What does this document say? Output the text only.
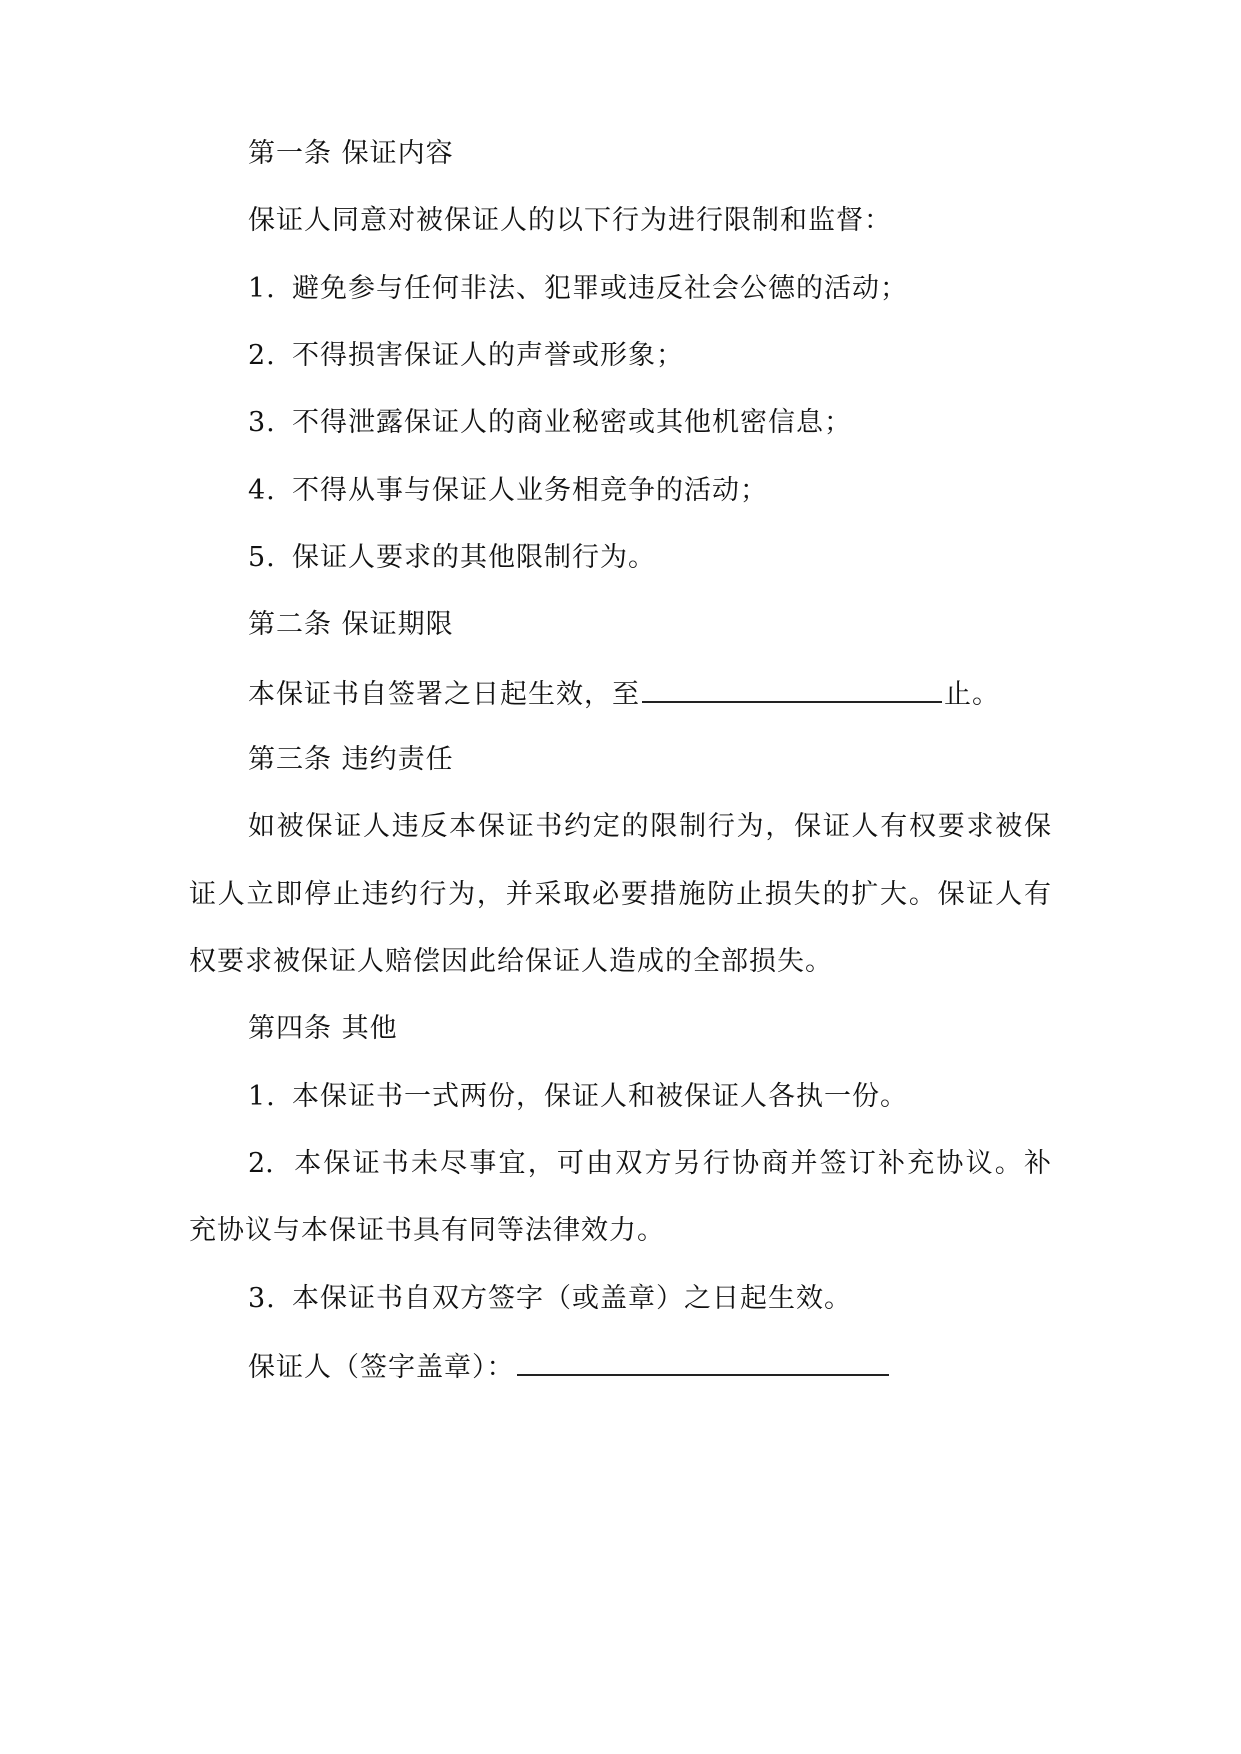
第一条 保证内容
保证人同意对被保证人的以下行为进行限制和监督：
1. 避免参与任何非法、犯罪或违反社会公德的活动；
2. 不得损害保证人的声誉或形象；
3. 不得泄露保证人的商业秘密或其他机密信息；
4. 不得从事与保证人业务相竞争的活动；
5. 保证人要求的其他限制行为。
第二条 保证期限
本保证书自签署之日起生效，至	止。
第三条 违约责任
如被保证人违反本保证书约定的限制行为，保证人有权要求被保
证人立即停止违约行为，并采取必要措施防止损失的扩大。保证人有
权要求被保证人赔偿因此给保证人造成的全部损失。
第四条 其他
1. 本保证书一式两份，保证人和被保证人各执一份。
2. 本保证书未尽事宜，可由双方另行协商并签订补充协议。补
充协议与本保证书具有同等法律效力。
3. 本保证书自双方签字（或盖章）之日起生效。
保证人（签字盖章）：
